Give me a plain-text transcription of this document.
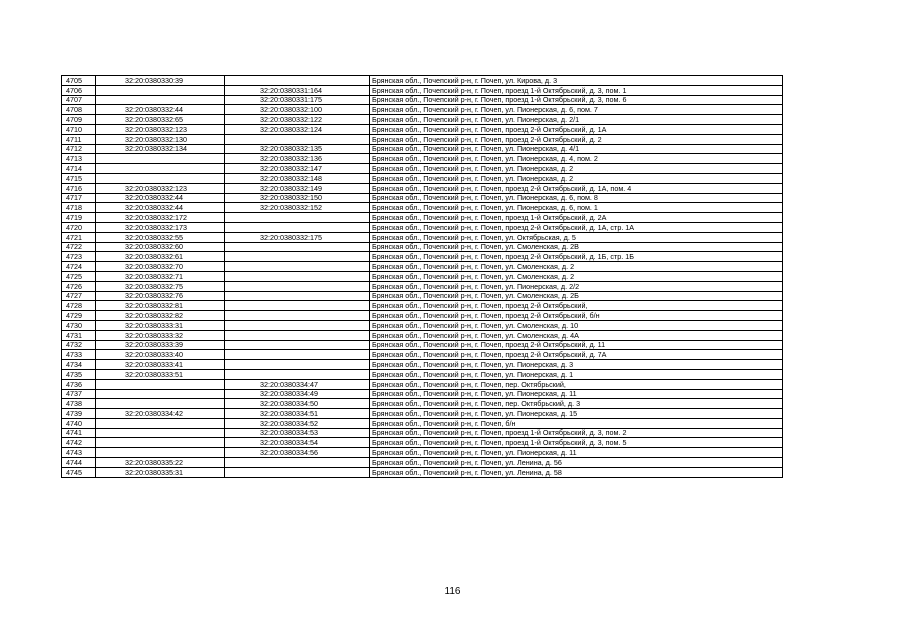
4705	32:20:0380330:39		Брянская обл., Почепский р-н, г. Почеп, ул. Кирова, д. 3
4706		32:20:0380331:164	Брянская обл., Почепский р-н, г. Почеп, проезд 1-й Октябрьский, д. 3, пом. 1
4707		32:20:0380331:175	Брянская обл., Почепский р-н, г. Почеп, проезд 1-й Октябрьский, д. 3, пом. 6
4708	32:20:0380332:44	32:20:0380332:100	Брянская обл., Почепский р-н, г. Почеп, ул. Пионерская, д. 6, пом. 7
4709	32:20:0380332:65	32:20:0380332:122	Брянская обл., Почепский р-н, г. Почеп, ул. Пионерская, д. 2/1
4710	32:20:0380332:123	32:20:0380332:124	Брянская обл., Почепский р-н, г. Почеп, проезд 2-й Октябрьский, д. 1А
4711	32:20:0380332:130		Брянская обл., Почепский р-н, г. Почеп, проезд 2-й Октябрьский, д. 2
4712	32:20:0380332:134	32:20:0380332:135	Брянская обл., Почепский р-н, г. Почеп, ул. Пионерская, д. 4/1
4713		32:20:0380332:136	Брянская обл., Почепский р-н, г. Почеп, ул. Пионерская, д. 4, пом. 2
4714		32:20:0380332:147	Брянская обл., Почепский р-н, г. Почеп, ул. Пионерская, д. 2
4715		32:20:0380332:148	Брянская обл., Почепский р-н, г. Почеп, ул. Пионерская, д. 2
4716	32:20:0380332:123	32:20:0380332:149	Брянская обл., Почепский р-н, г. Почеп, проезд 2-й Октябрьский, д. 1А, пом. 4
4717	32:20:0380332:44	32:20:0380332:150	Брянская обл., Почепский р-н, г. Почеп, ул. Пионерская, д. 6, пом. 8
4718	32:20:0380332:44	32:20:0380332:152	Брянская обл., Почепский р-н, г. Почеп, ул. Пионерская, д. 6, пом. 1
4719	32:20:0380332:172		Брянская обл., Почепский р-н, г. Почеп, проезд 1-й Октябрьский, д. 2А
4720	32:20:0380332:173		Брянская обл., Почепский р-н, г. Почеп, проезд 2-й Октябрьский, д. 1А, стр. 1А
4721	32:20:0380332:55	32:20:0380332:175	Брянская обл., Почепский р-н, г. Почеп, ул. Октябрьская, д. 5
4722	32:20:0380332:60		Брянская обл., Почепский р-н, г. Почеп, ул. Смоленская, д. 2В
4723	32:20:0380332:61		Брянская обл., Почепский р-н, г. Почеп, проезд 2-й Октябрьский, д. 1Б, стр. 1Б
4724	32:20:0380332:70		Брянская обл., Почепский р-н, г. Почеп, ул. Смоленская, д. 2
4725	32:20:0380332:71		Брянская обл., Почепский р-н, г. Почеп, ул. Смоленская, д. 2
4726	32:20:0380332:75		Брянская обл., Почепский р-н, г. Почеп, ул. Пионерская, д. 2/2
4727	32:20:0380332:76		Брянская обл., Почепский р-н, г. Почеп, ул. Смоленская, д. 2Б
4728	32:20:0380332:81		Брянская обл., Почепский р-н, г. Почеп, проезд 2-й Октябрьский,
4729	32:20:0380332:82		Брянская обл., Почепский р-н, г. Почеп, проезд 2-й Октябрьский, б/н
4730	32:20:0380333:31		Брянская обл., Почепский р-н, г. Почеп, ул. Смоленская, д. 10
4731	32:20:0380333:32		Брянская обл., Почепский р-н, г. Почеп, ул. Смоленская, д. 4А
4732	32:20:0380333:39		Брянская обл., Почепский р-н, г. Почеп, проезд 2-й Октябрьский, д. 11
4733	32:20:0380333:40		Брянская обл., Почепский р-н, г. Почеп, проезд 2-й Октябрьский, д. 7А
4734	32:20:0380333:41		Брянская обл., Почепский р-н, г. Почеп, ул. Пионерская, д. 3
4735	32:20:0380333:51		Брянская обл., Почепский р-н, г. Почеп, ул. Пионерская, д. 1
4736		32:20:0380334:47	Брянская обл., Почепский р-н, г. Почеп, пер. Октябрьский,
4737		32:20:0380334:49	Брянская обл., Почепский р-н, г. Почеп, ул. Пионерская, д. 11
4738		32:20:0380334:50	Брянская обл., Почепский р-н, г. Почеп, пер. Октябрьский, д. 3
4739	32:20:0380334:42	32:20:0380334:51	Брянская обл., Почепский р-н, г. Почеп, ул. Пионерская, д. 15
4740		32:20:0380334:52	Брянская обл., Почепский р-н, г. Почеп, б/н
4741		32:20:0380334:53	Брянская обл., Почепский р-н, г. Почеп, проезд 1-й Октябрьский, д. 3, пом. 2
4742		32:20:0380334:54	Брянская обл., Почепский р-н, г. Почеп, проезд 1-й Октябрьский, д. 3, пом. 5
4743		32:20:0380334:56	Брянская обл., Почепский р-н, г. Почеп, ул. Пионерская, д. 11
4744	32:20:0380335:22		Брянская обл., Почепский р-н, г. Почеп, ул. Ленина, д. 56
4745	32:20:0380335:31		Брянская обл., Почепский р-н, г. Почеп, ул. Ленина, д. 58
116
